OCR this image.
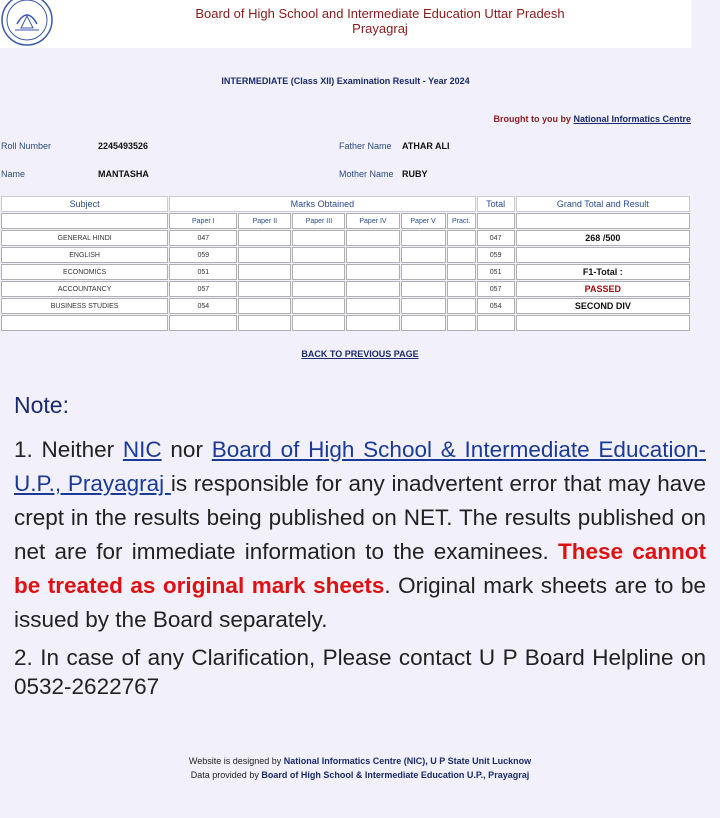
Board of High School and Intermediate Education Uttar Pradesh
Prayagraj
INTERMEDIATE (Class XII) Examination Result - Year 2024
Brought to you by National Informatics Centre
Roll Number	2245493526	Father Name ATHAR ALI
Name	MANTASHA	Mother Name RUBY
Subject	Marks Obtained						Total	Grand Total and Result
	Paper I	Paper II	Paper III	Paper IV	Paper V	Pract.		
GENERAL HINDI	047						047	268 /500
ENGLISH	059						059	
ECONOMICS	051						051	F1-Total :
ACCOUNTANCY	057						057	PASSED
BUSINESS STUDIES	054						054	SECOND DIV

BACK TO PREVIOUS PAGE
Note:
1. Neither NIC nor Board of High School & Intermediate Education-U.P., Prayagraj is responsible for any inadvertent error that may have crept in the results being published on NET. The results published on net are for immediate information to the examinees. These cannot be treated as original mark sheets. Original mark sheets are to be issued by the Board separately.
2. In case of any Clarification, Please contact U P Board Helpline on 0532-2622767
Website is designed by National Informatics Centre (NIC), U P State Unit Lucknow
Data provided by Board of High School & Intermediate Education U.P., Prayagraj
